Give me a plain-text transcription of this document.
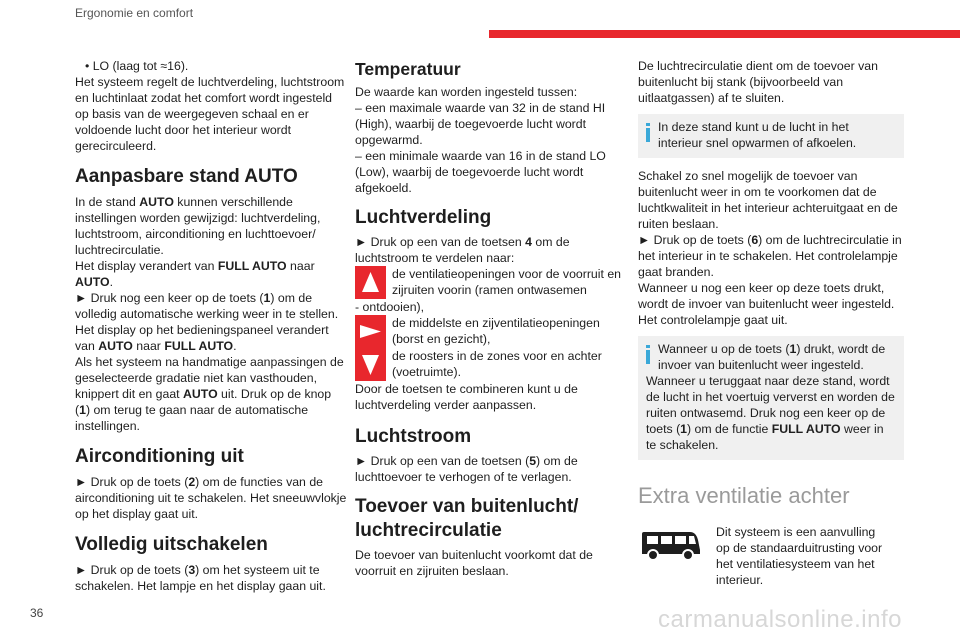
Ergonomie en comfort

• LO (laag tot ≈16).

Het systeem regelt de luchtverdeling, luchtstroom en luchtinlaat zodat het comfort wordt ingesteld op basis van de weergegeven schaal en er voldoende lucht door het interieur wordt gerecirculeerd.

Aanpasbare stand AUTO

In de stand AUTO kunnen verschillende instellingen worden gewijzigd: luchtverdeling, luchtstroom, airconditioning en luchttoevoer/ luchtrecirculatie.

Het display verandert van FULL AUTO naar AUTO.

► Druk nog een keer op de toets (1) om de volledig automatische werking weer in te stellen. Het display op het bedieningspaneel verandert van AUTO naar FULL AUTO.

Als het systeem na handmatige aanpassingen de geselecteerde gradatie niet kan vasthouden, knippert dit en gaat AUTO uit. Druk op de knop (1) om terug te gaan naar de automatische instellingen.

Airconditioning uit

► Druk op de toets (2) om de functies van de airconditioning uit te schakelen. Het sneeuwvlokje op het display gaat uit.

Volledig uitschakelen

► Druk op de toets (3) om het systeem uit te schakelen. Het lampje en het display gaan uit.

Temperatuur

De waarde kan worden ingesteld tussen:

– een maximale waarde van 32 in de stand HI (High), waarbij de toegevoerde lucht wordt opgewarmd.

– een minimale waarde van 16 in de stand LO (Low), waarbij de toegevoerde lucht wordt afgekoeld.

Luchtverdeling

► Druk op een van de toetsen 4 om de luchtstroom te verdelen naar:

de ventilatieopeningen voor de voorruit en zijruiten voorin (ramen ontwasemen

- ontdooien),

de middelste en zijventilatieopeningen (borst en gezicht),

de roosters in de zones voor en achter (voetruimte).

Door de toetsen te combineren kunt u de luchtverdeling verder aanpassen.

Luchtstroom

► Druk op een van de toetsen (5) om de luchttoevoer te verhogen of te verlagen.

Toevoer van buitenlucht/ luchtrecirculatie

De toevoer van buitenlucht voorkomt dat de voorruit en zijruiten beslaan.

De luchtrecirculatie dient om de toevoer van buitenlucht bij stank (bijvoorbeeld van uitlaatgassen) af te sluiten.

In deze stand kunt u de lucht in het interieur snel opwarmen of afkoelen.

Schakel zo snel mogelijk de toevoer van buitenlucht weer in om te voorkomen dat de luchtkwaliteit in het interieur achteruitgaat en de ruiten beslaan.

► Druk op de toets (6) om de luchtrecirculatie in het interieur in te schakelen. Het controlelampje gaat branden.

Wanneer u nog een keer op deze toets drukt, wordt de invoer van buitenlucht weer ingesteld. Het controlelampje gaat uit.

Wanneer u op de toets (1) drukt, wordt de invoer van buitenlucht weer ingesteld.

Wanneer u teruggaat naar deze stand, wordt de lucht in het voertuig ververst en worden de ruiten ontwasemd. Druk nog een keer op de toets (1) om de functie FULL AUTO weer in te schakelen.

Extra ventilatie achter

Dit systeem is een aanvulling op de standaarduitrusting voor het ventilatiesysteem van het interieur.

36	carmanualsonline.info
